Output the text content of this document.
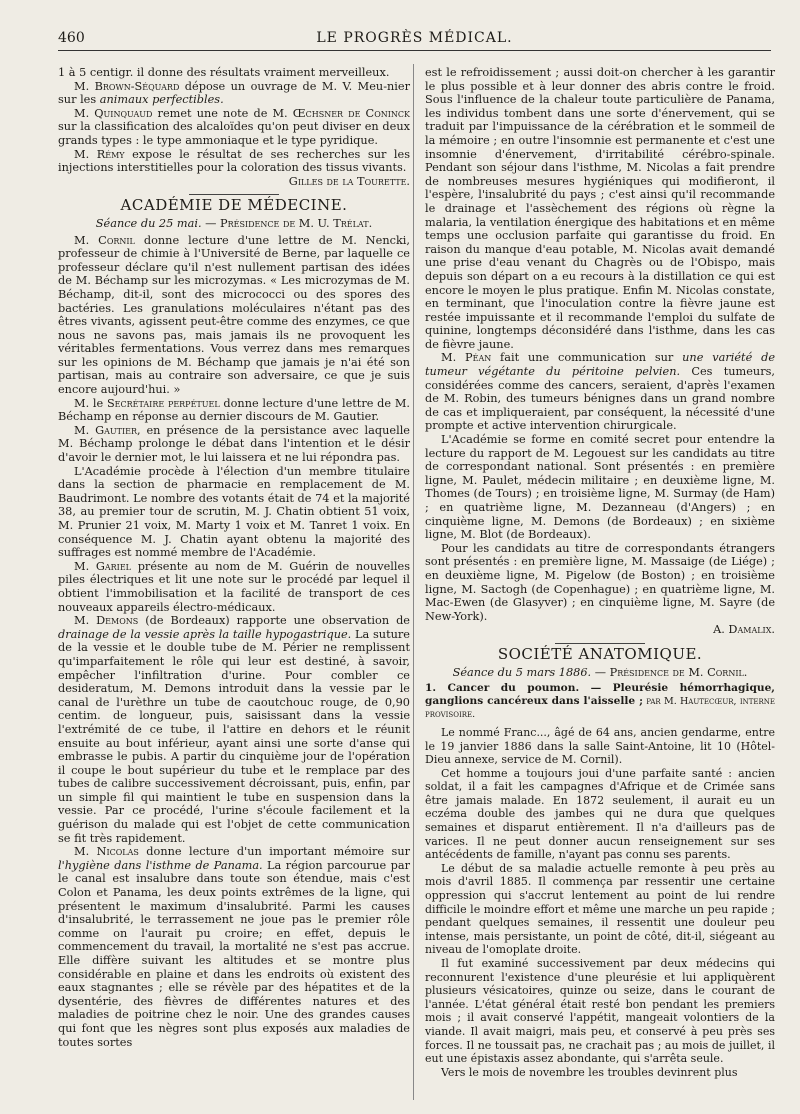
460	LE PROGRÈS MÉDICAL.

1 à 5 centigr. il donne des résultats vraiment merveilleux.

M. Brown-Séquard dépose un ouvrage de M. V. Meu-nier sur les animaux perfectibles.

M. Quinquaud remet une note de M. Œchsner de Coninck sur la classification des alcaloïdes qu'on peut diviser en deux grands types : le type ammoniaque et le type pyridique.

M. Rémy expose le résultat de ses recherches sur les injections interstitielles pour la coloration des tissus vivants.

Gilles de la Tourette.

ACADÉMIE DE MÉDECINE.

Séance du 25 mai. — Présidence de M. U. Trélat.

M. Cornil donne lecture d'une lettre de M. Nencki, professeur de chimie à l'Université de Berne, par laquelle ce professeur déclare qu'il n'est nullement partisan des idées de M. Béchamp sur les microzymas. « Les microzymas de M. Béchamp, dit-il, sont des micrococci ou des spores des bactéries. Les granulations moléculaires n'étant pas des êtres vivants, agissent peut-être comme des enzymes, ce que nous ne savons pas, mais jamais ils ne provoquent les véritables fermentations. Vous verrez dans mes remarques sur les opinions de M. Béchamp que jamais je n'ai été son partisan, mais au contraire son adversaire, ce que je suis encore aujourd'hui. »

M. le Secrétaire perpétuel donne lecture d'une lettre de M. Béchamp en réponse au dernier discours de M. Gautier.

M. Gautier, en présence de la persistance avec laquelle M. Béchamp prolonge le débat dans l'intention et le désir d'avoir le dernier mot, le lui laissera et ne lui répondra pas.

L'Académie procède à l'élection d'un membre titulaire dans la section de pharmacie en remplacement de M. Baudrimont. Le nombre des votants était de 74 et la majorité 38, au premier tour de scrutin, M. J. Chatin obtient 51 voix, M. Prunier 21 voix, M. Marty 1 voix et M. Tanret 1 voix. En conséquence M. J. Chatin ayant obtenu la majorité des suffrages est nommé membre de l'Académie.

M. Gariel présente au nom de M. Guérin de nouvelles piles électriques et lit une note sur le procédé par lequel il obtient l'immobilisation et la facilité de transport de ces nouveaux appareils électro-médicaux.

M. Demons (de Bordeaux) rapporte une observation de drainage de la vessie après la taille hypogastrique. La suture de la vessie et le double tube de M. Périer ne remplissent qu'imparfaitement le rôle qui leur est destiné, à savoir, empêcher l'infiltration d'urine. Pour combler ce desideratum, M. Demons introduit dans la vessie par le canal de l'urèthre un tube de caoutchouc rouge, de 0,90 centim. de longueur, puis, saisissant dans la vessie l'extrémité de ce tube, il l'attire en dehors et le réunit ensuite au bout inférieur, ayant ainsi une sorte d'anse qui embrasse le pubis. A partir du cinquième jour de l'opération il coupe le bout supérieur du tube et le remplace par des tubes de calibre successivement décroissant, puis, enfin, par un simple fil qui maintient le tube en suspension dans la vessie. Par ce procédé, l'urine s'écoule facilement et la guérison du malade qui est l'objet de cette communication se fit très rapidement.

M. Nicolas donne lecture d'un important mémoire sur l'hygiène dans l'isthme de Panama. La région parcourue par le canal est insalubre dans toute son étendue, mais c'est Colon et Panama, les deux points extrêmes de la ligne, qui présentent le maximum d'insalubrité. Parmi les causes d'insalubrité, le terrassement ne joue pas le premier rôle comme on l'aurait pu croire; en effet, depuis le commencement du travail, la mortalité ne s'est pas accrue. Elle diffère suivant les altitudes et se montre plus considérable en plaine et dans les endroits où existent des eaux stagnantes ; elle se révèle par des hépatites et de la dysentérie, des fièvres de différentes natures et des maladies de poitrine chez le noir. Une des grandes causes qui font que les nègres sont plus exposés aux maladies de toutes sortes

est le refroidissement ; aussi doit-on chercher à les garantir le plus possible et à leur donner des abris contre le froid. Sous l'influence de la chaleur toute particulière de Panama, les individus tombent dans une sorte d'énervement, qui se traduit par l'impuissance de la cérébration et le sommeil de la mémoire ; en outre l'insomnie est permanente et c'est une insomnie d'énervement, d'irritabilité cérébro-spinale. Pendant son séjour dans l'isthme, M. Nicolas a fait prendre de nombreuses mesures hygiéniques qui modifieront, il l'espère, l'insalubrité du pays ; c'est ainsi qu'il recommande le drainage et l'assèchement des régions où règne la malaria, la ventilation énergique des habitations et en même temps une occlusion parfaite qui garantisse du froid. En raison du manque d'eau potable, M. Nicolas avait demandé une prise d'eau venant du Chagrès ou de l'Obispo, mais depuis son départ on a eu recours à la distillation ce qui est encore le moyen le plus pratique. Enfin M. Nicolas constate, en terminant, que l'inoculation contre la fièvre jaune est restée impuissante et il recommande l'emploi du sulfate de quinine, longtemps déconsidéré dans l'isthme, dans les cas de fièvre jaune.

M. Péan fait une communication sur une variété de tumeur végétante du péritoine pelvien. Ces tumeurs, considérées comme des cancers, seraient, d'après l'examen de M. Robin, des tumeurs bénignes dans un grand nombre de cas et impliqueraient, par conséquent, la nécessité d'une prompte et active intervention chirurgicale.

L'Académie se forme en comité secret pour entendre la lecture du rapport de M. Legouest sur les candidats au titre de correspondant national. Sont présentés : en première ligne, M. Paulet, médecin militaire ; en deuxième ligne, M. Thomes (de Tours) ; en troisième ligne, M. Surmay (de Ham) ; en quatrième ligne, M. Dezanneau (d'Angers) ; en cinquième ligne, M. Demons (de Bordeaux) ; en sixième ligne, M. Blot (de Bordeaux).

Pour les candidats au titre de correspondants étrangers sont présentés : en première ligne, M. Massaige (de Liége) ; en deuxième ligne, M. Pigelow (de Boston) ; en troisième ligne, M. Sactogh (de Copenhague) ; en quatrième ligne, M. Mac-Ewen (de Glasyver) ; en cinquième ligne, M. Sayre (de New-York).

A. Damalix.

SOCIÉTÉ ANATOMIQUE.

Séance du 5 mars 1886. — Présidence de M. Cornil.

1. Cancer du poumon. — Pleurésie hémorrhagique, ganglions cancéreux dans l'aisselle ; par M. Hautecœur, interne provisoire.

Le nommé Franc..., âgé de 64 ans, ancien gendarme, entre le 19 janvier 1886 dans la salle Saint-Antoine, lit 10 (Hôtel-Dieu annexe, service de M. Cornil).

Cet homme a toujours joui d'une parfaite santé : ancien soldat, il a fait les campagnes d'Afrique et de Crimée sans être jamais malade. En 1872 seulement, il aurait eu un eczéma double des jambes qui ne dura que quelques semaines et disparut entièrement. Il n'a d'ailleurs pas de varices. Il ne peut donner aucun renseignement sur ses antécédents de famille, n'ayant pas connu ses parents.

Le début de sa maladie actuelle remonte à peu près au mois d'avril 1885. Il commença par ressentir une certaine oppression qui s'accrut lentement au point de lui rendre difficile le moindre effort et même une marche un peu rapide ; pendant quelques semaines, il ressentit une douleur peu intense, mais persistante, un point de côté, dit-il, siégeant au niveau de l'omoplate droite.

Il fut examiné successivement par deux médecins qui reconnurent l'existence d'une pleurésie et lui appliquèrent plusieurs vésicatoires, quinze ou seize, dans le courant de l'année. L'état général était resté bon pendant les premiers mois ; il avait conservé l'appétit, mangeait volontiers de la viande. Il avait maigri, mais peu, et conservé à peu près ses forces. Il ne toussait pas, ne crachait pas ; au mois de juillet, il eut une épistaxis assez abondante, qui s'arrêta seule.

Vers le mois de novembre les troubles devinrent plus
